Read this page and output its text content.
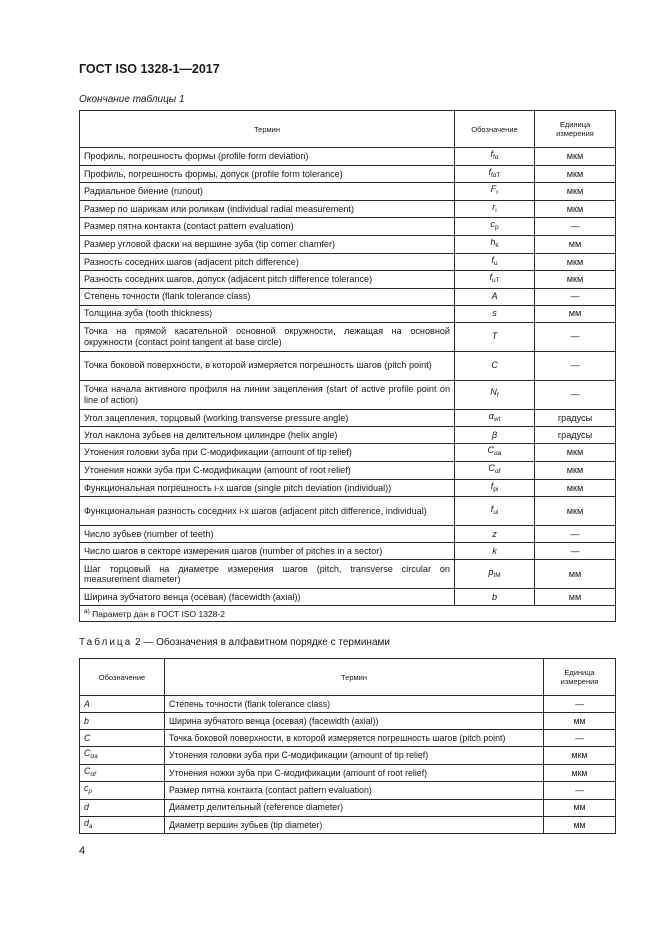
ГОСТ ISO 1328-1—2017
Окончание таблицы 1
Термин	Обозначение	Единица
измерения
Профиль, погрешность формы (profile form deviation)	$f_{f\alpha}$	мкм
Профиль, погрешность формы, допуск (profile form tolerance)	$f_{f\alpha T}$	мкм
Радиальное биение (runout)	$F_r$	мкм
Размер по шарикам или роликам (individual radial measurement)	$r_i$	мкм
Размер пятна контакта (contact pattern evaluation)	$c_p$	—
Размер угловой фаски на вершине зуба (tip corner chamfer)	$h_k$	мм
Разность соседних шагов (adjacent pitch difference)	$f_u$	мкм
Разность соседних шагов, допуск (adjacent pitch difference tolerance)	$f_{uT}$	мкм
Степень точности (flank tolerance class)	A	—
Толщина зуба (tooth thickness)	s	мм
Точка на прямой касательной основной окружности, лежащая на основной окружности (contact point tangent at base circle)	T	—
Точка боковой поверхности, в которой измеряется погрешность шагов (pitch point)	C	—
Точка начала активного профиля на линии зацепления (start of active profile point on line of action)	$N_f$	—
Угол зацепления, торцовый (working transverse pressure angle)	$\alpha_{wt}$	градусы
Угол наклона зубьев на делительном цилиндре (helix angle)	β	градусы
Утонения головки зуба при С-модификации (amount of tip relief)	$C_{\alpha a}$	мкм
Утонения ножки зуба при С-модификации (amount of root relief)	$C_{\alpha f}$	мкм
Функциональная погрешность i-х шагов (single pitch deviation (individual))	$f_{pi}$	мкм
Функциональная разность соседних i-х шагов (adjacent pitch difference, individual)	$f_{ui}$	мкм
Число зубьев (number of teeth)	z	—
Число шагов в секторе измерения шагов (number of pitches in a sector)	k	—
Шаг торцовый на диаметре измерения шагов (pitch, transverse circular on measurement diameter)	$p_{tM}$	мм
Ширина зубчатого венца (осевая) (facewidth (axial))	b	мм
$^{a)}$ Параметр дан в ГОСТ ISO 1328-2		
Таблица 2 — Обозначения в алфавитном порядке с терминами
Обозначение	Термин	Единица
измерения
A	Степень точности (flank tolerance class)	—
b	Ширина зубчатого венца (осевая) (facewidth (axial))	мм
C	Точка боковой поверхности, в которой измеряется погрешность шагов (pitch point)	—
$C_{\alpha a}$	Утонения головки зуба при С-модификации (amount of tip relief)	мкм
$C_{\alpha f}$	Утонения ножки зуба при С-модификации (amount of root relief)	мкм
$c_p$	Размер пятна контакта (contact pattern evaluation)	—
d	Диаметр делительный (reference diameter)	мм
$d_a$	Диаметр вершин зубьев (tip diameter)	мм
4
